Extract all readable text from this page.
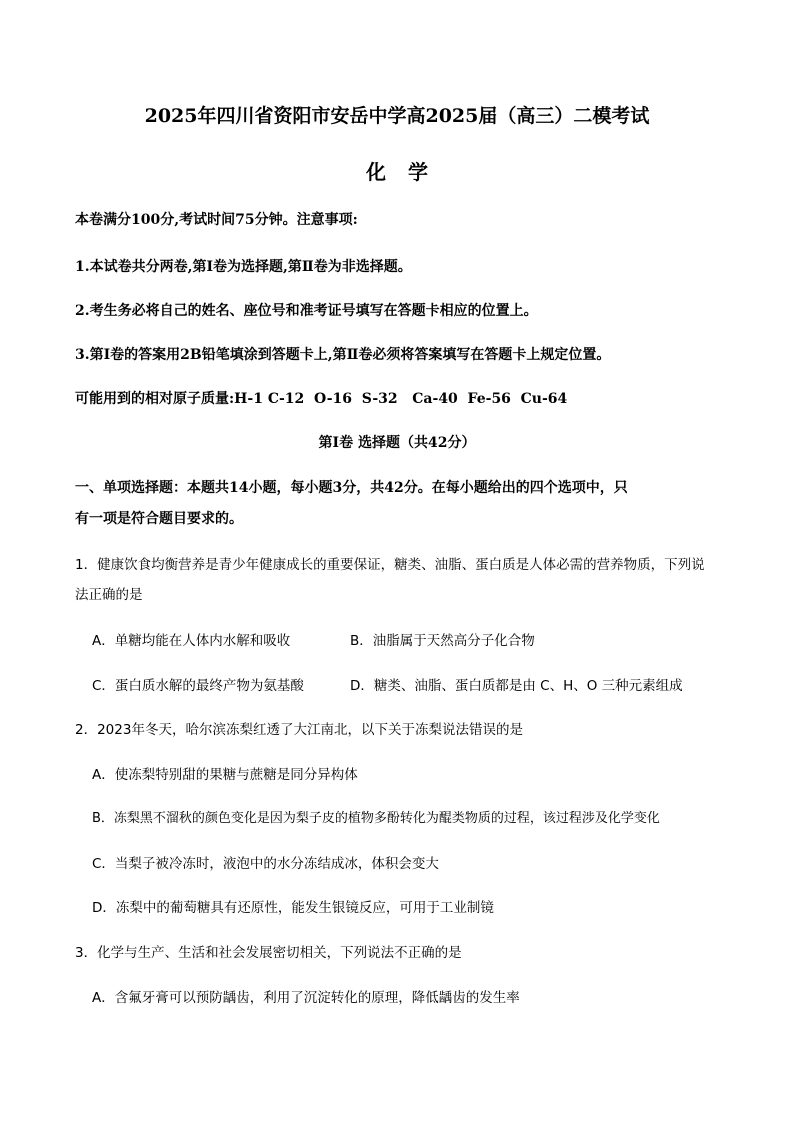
2025年四川省资阳市安岳中学高2025届（高三）二模考试
化学
本卷满分100分,考试时间75分钟。注意事项:
1.本试卷共分两卷,第Ⅰ卷为选择题,第Ⅱ卷为非选择题。
2.考生务必将自己的姓名、座位号和准考证号填写在答题卡相应的位置上。
3.第Ⅰ卷的答案用2B铅笔填涂到答题卡上,第Ⅱ卷必须将答案填写在答题卡上规定位置。
可能用到的相对原子质量:H-1 C-12  O-16  S-32   Ca-40  Fe-56  Cu-64
第Ⅰ卷 选择题（共42分）
一、单项选择题：本题共14小题，每小题3分，共42分。在每小题给出的四个选项中，只
有一项是符合题目要求的。
1．健康饮食均衡营养是青少年健康成长的重要保证，糖类、油脂、蛋白质是人体必需的营养物质，下列说
法正确的是
A．单糖均能在人体内水解和吸收	B．油脂属于天然高分子化合物
C．蛋白质水解的最终产物为氨基酸	D．糖类、油脂、蛋白质都是由 C、H、O 三种元素组成
2．2023年冬天，哈尔滨冻梨红透了大江南北，以下关于冻梨说法错误的是
A．使冻梨特别甜的果糖与蔗糖是同分异构体
B．冻梨黑不溜秋的颜色变化是因为梨子皮的植物多酚转化为醌类物质的过程，该过程涉及化学变化
C．当梨子被冷冻时，液泡中的水分冻结成冰，体积会变大
D．冻梨中的葡萄糖具有还原性，能发生银镜反应，可用于工业制镜
3．化学与生产、生活和社会发展密切相关，下列说法不正确的是
A．含氟牙膏可以预防龋齿，利用了沉淀转化的原理，降低龋齿的发生率
